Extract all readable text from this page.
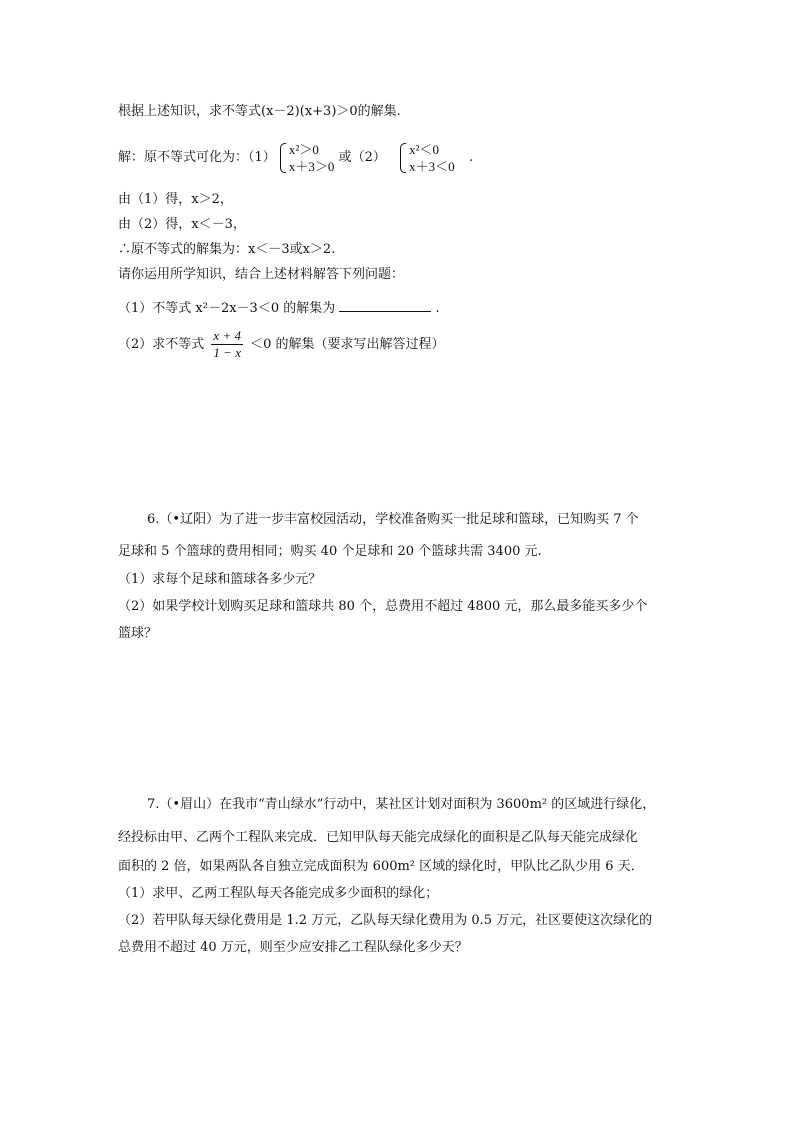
根据上述知识，求不等式(x－2)(x+3)＞0的解集.
解：原不等式可化为：（1）
x²＞0
x＋3＞0
或（2）
x²＜0
x＋3＜0
.
由（1）得，x＞2，
由（2）得，x＜－3，
∴原不等式的解集为：x＜－3或x＞2.
请你运用所学知识，结合上述材料解答下列问题：
（1）不等式 x²－2x－3＜0 的解集为	.
（2）求不等式 $\frac{x + 4}{1 - x} <0$ 的解集（要求写出解答过程）
6.（•辽阳）为了进一步丰富校园活动，学校准备购买一批足球和篮球，已知购买 7 个
足球和 5 个篮球的费用相同；购买 40 个足球和 20 个篮球共需 3400 元.
（1）求每个足球和篮球各多少元？
（2）如果学校计划购买足球和篮球共 80 个，总费用不超过 4800 元，那么最多能买多少个
篮球？
7.（•眉山）在我市“青山绿水”行动中，某社区计划对面积为 3600m² 的区域进行绿化，
经投标由甲、乙两个工程队来完成．已知甲队每天能完成绿化的面积是乙队每天能完成绿化
面积的 2 倍，如果两队各自独立完成面积为 600m² 区域的绿化时，甲队比乙队少用 6 天．
（1）求甲、乙两工程队每天各能完成多少面积的绿化；
（2）若甲队每天绿化费用是 1.2 万元，乙队每天绿化费用为 0.5 万元，社区要使这次绿化的
总费用不超过 40 万元，则至少应安排乙工程队绿化多少天？
